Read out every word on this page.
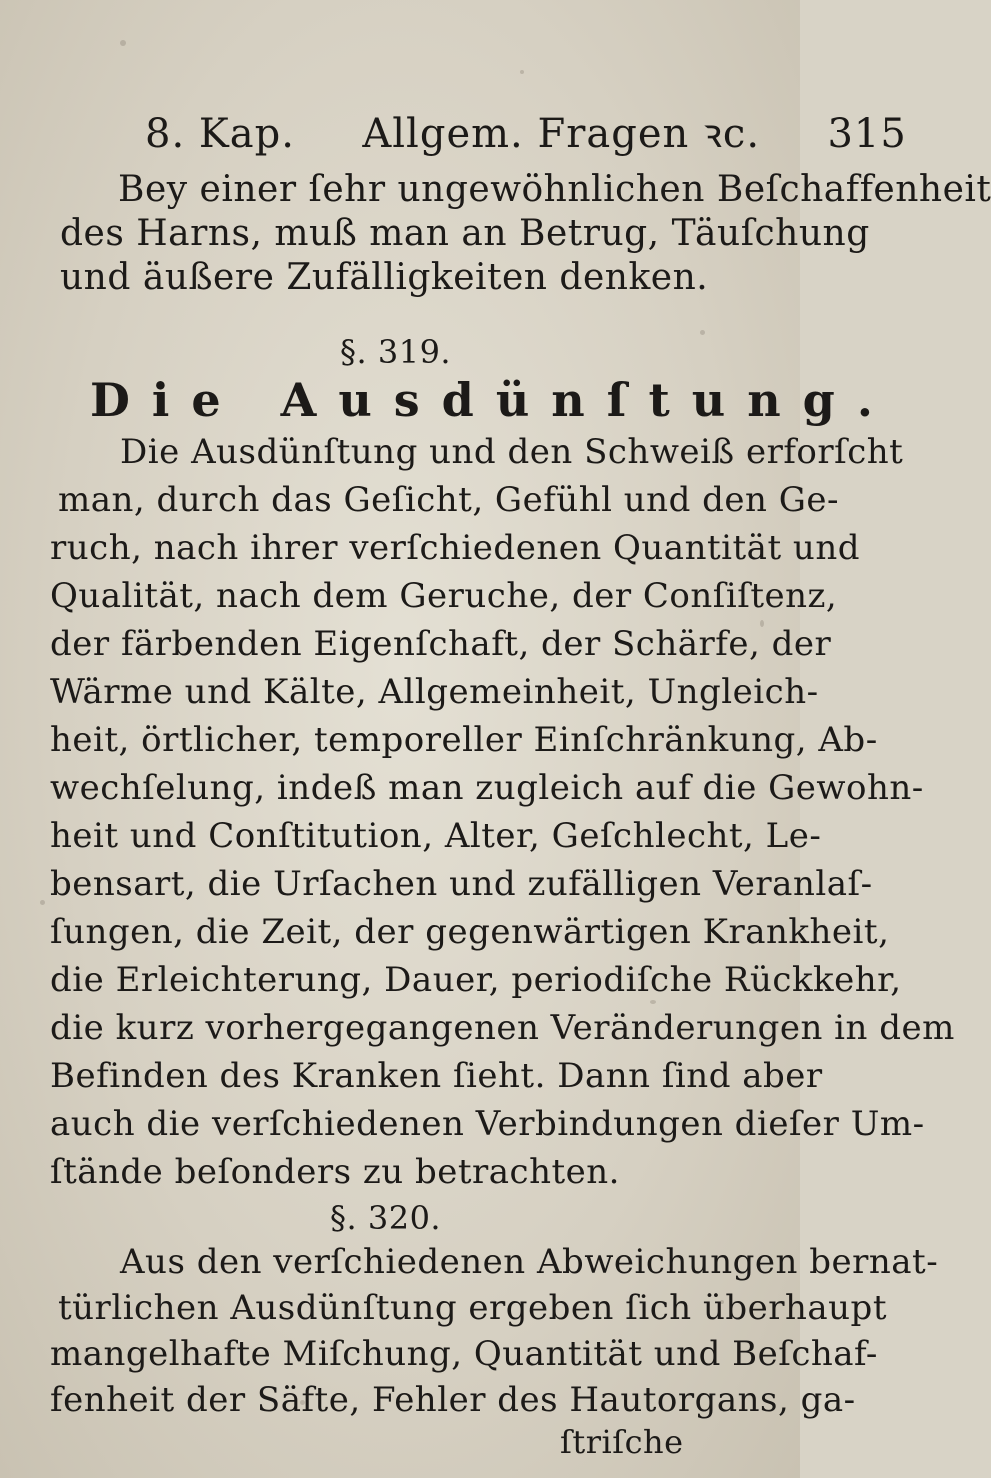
8. Kap. Allgem. Fragen ꝛc. 315
Bey einer ſehr ungewöhnlichen Beſchaffenheit
des Harns, muß man an Betrug, Täuſchung
und äußere Zufälligkeiten denken.
§. 319.
Die Ausdünſtung.
Die Ausdünſtung und den Schweiß erforſcht
man, durch das Geſicht, Gefühl und den Ge-
ruch, nach ihrer verſchiedenen Quantität und
Qualität, nach dem Geruche, der Conſiſtenz,
der färbenden Eigenſchaft, der Schärfe, der
Wärme und Kälte, Allgemeinheit, Ungleich-
heit, örtlicher, temporeller Einſchränkung, Ab-
wechſelung, indeß man zugleich auf die Gewohn-
heit und Conſtitution, Alter, Geſchlecht, Le-
bensart, die Urſachen und zufälligen Veranlaſ-
ſungen, die Zeit, der gegenwärtigen Krankheit,
die Erleichterung, Dauer, periodiſche Rückkehr,
die kurz vorhergegangenen Veränderungen in dem
Befinden des Kranken ſieht. Dann ſind aber
auch die verſchiedenen Verbindungen dieſer Um-
ſtände beſonders zu betrachten.
§. 320.
Aus den verſchiedenen Abweichungen bernat-
türlichen Ausdünſtung ergeben ſich überhaupt
mangelhafte Miſchung, Quantität und Beſchaf-
fenheit der Säfte, Fehler des Hautorgans, ga-
ſtriſche
